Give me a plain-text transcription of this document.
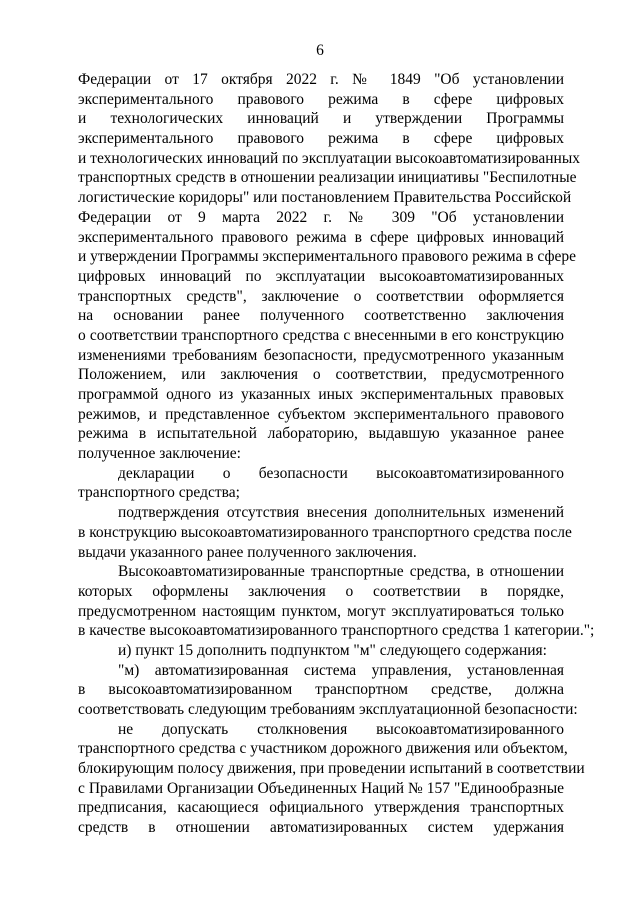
6
Федерации от 17 октября 2022 г. № 1849 "Об установлении
экспериментального правового режима в сфере цифровых
и технологических инноваций и утверждении Программы
экспериментального правового режима в сфере цифровых
и технологических инноваций по эксплуатации высокоавтоматизированных
транспортных средств в отношении реализации инициативы "Беспилотные
логистические коридоры" или постановлением Правительства Российской
Федерации от 9 марта 2022 г. № 309 "Об установлении
экспериментального правового режима в сфере цифровых инноваций
и утверждении Программы экспериментального правового режима в сфере
цифровых инноваций по эксплуатации высокоавтоматизированных
транспортных средств", заключение о соответствии оформляется
на основании ранее полученного соответственно заключения
о соответствии транспортного средства с внесенными в его конструкцию
изменениями требованиям безопасности, предусмотренного указанным
Положением, или заключения о соответствии, предусмотренного
программой одного из указанных иных экспериментальных правовых
режимов, и представленное субъектом экспериментального правового
режима в испытательной лабораторию, выдавшую указанное ранее
полученное заключение:
декларации о безопасности высокоавтоматизированного
транспортного средства;
подтверждения отсутствия внесения дополнительных изменений
в конструкцию высокоавтоматизированного транспортного средства после
выдачи указанного ранее полученного заключения.
Высокоавтоматизированные транспортные средства, в отношении
которых оформлены заключения о соответствии в порядке,
предусмотренном настоящим пунктом, могут эксплуатироваться только
в качестве высокоавтоматизированного транспортного средства 1 категории.";
и) пункт 15 дополнить подпунктом "м" следующего содержания:
"м) автоматизированная система управления, установленная
в высокоавтоматизированном транспортном средстве, должна
соответствовать следующим требованиям эксплуатационной безопасности:
не допускать столкновения высокоавтоматизированного
транспортного средства с участником дорожного движения или объектом,
блокирующим полосу движения, при проведении испытаний в соответствии
с Правилами Организации Объединенных Наций № 157 "Единообразные
предписания, касающиеся официального утверждения транспортных
средств в отношении автоматизированных систем удержания
